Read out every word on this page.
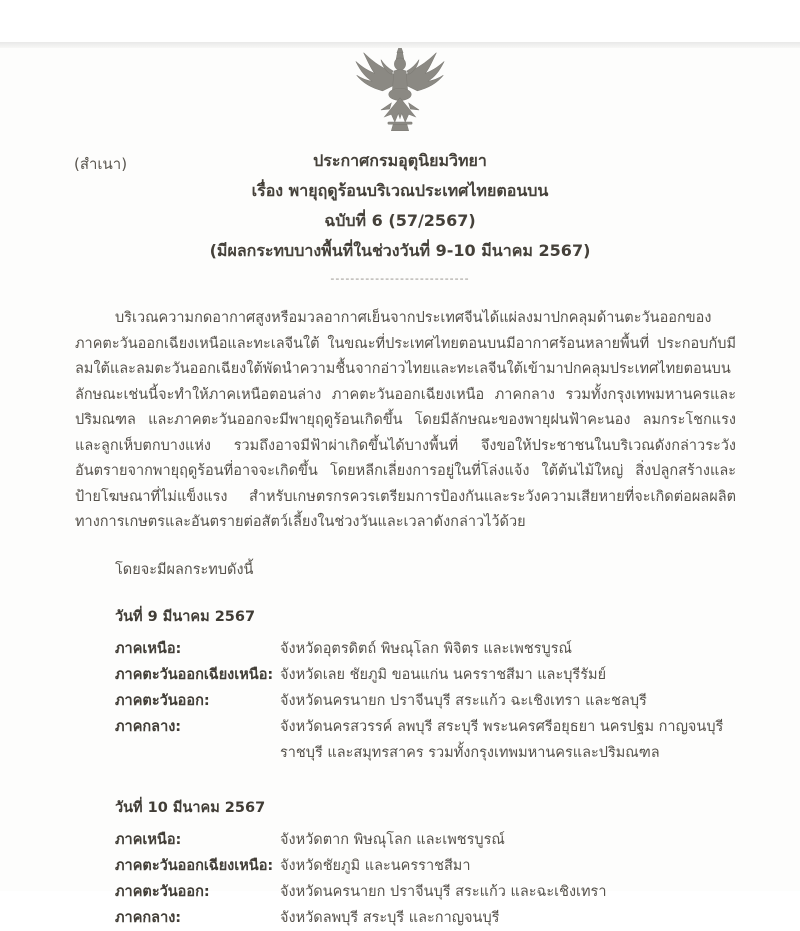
(สำเนา)	ประกาศกรมอุตุนิยมวิทยา
เรื่อง พายุฤดูร้อนบริเวณประเทศไทยตอนบน
ฉบับที่ 6 (57/2567)
(มีผลกระทบบางพื้นที่ในช่วงวันที่ 9-10 มีนาคม 2567)
----------------------------

บริเวณความกดอากาศสูงหรือมวลอากาศเย็นจากประเทศจีนได้แผ่ลงมาปกคลุมด้านตะวันออกของภาคตะวันออกเฉียงเหนือและทะเลจีนใต้ ในขณะที่ประเทศไทยตอนบนมีอากาศร้อนหลายพื้นที่ ประกอบกับมีลมใต้และลมตะวันออกเฉียงใต้พัดนำความชื้นจากอ่าวไทยและทะเลจีนใต้เข้ามาปกคลุมประเทศไทยตอนบน ลักษณะเช่นนี้จะทำให้ภาคเหนือตอนล่าง ภาคตะวันออกเฉียงเหนือ ภาคกลาง รวมทั้งกรุงเทพมหานครและปริมณฑล และภาคตะวันออกจะมีพายุฤดูร้อนเกิดขึ้น โดยมีลักษณะของพายุฝนฟ้าคะนอง ลมกระโชกแรง และลูกเห็บตกบางแห่ง รวมถึงอาจมีฟ้าผ่าเกิดขึ้นได้บางพื้นที่ จึงขอให้ประชาชนในบริเวณดังกล่าวระวังอันตรายจากพายุฤดูร้อนที่อาจจะเกิดขึ้น โดยหลีกเลี่ยงการอยู่ในที่โล่งแจ้ง ใต้ต้นไม้ใหญ่ สิ่งปลูกสร้างและป้ายโฆษณาที่ไม่แข็งแรง สำหรับเกษตรกรควรเตรียมการป้องกันและระวังความเสียหายที่จะเกิดต่อผลผลิตทางการเกษตรและอันตรายต่อสัตว์เลี้ยงในช่วงวันและเวลาดังกล่าวไว้ด้วย

โดยจะมีผลกระทบดังนี้

วันที่ 9 มีนาคม 2567
ภาคเหนือ:	จังหวัดอุตรดิตถ์ พิษณุโลก พิจิตร และเพชรบูรณ์
ภาคตะวันออกเฉียงเหนือ: จังหวัดเลย ชัยภูมิ ขอนแก่น นครราชสีมา และบุรีรัมย์
ภาคตะวันออก:	จังหวัดนครนายก ปราจีนบุรี สระแก้ว ฉะเชิงเทรา และชลบุรี
ภาคกลาง:	จังหวัดนครสวรรค์ ลพบุรี สระบุรี พระนครศรีอยุธยา นครปฐม กาญจนบุรี ราชบุรี และสมุทรสาคร รวมทั้งกรุงเทพมหานครและปริมณฑล
วันที่ 10 มีนาคม 2567
ภาคเหนือ:	จังหวัดตาก พิษณุโลก และเพชรบูรณ์
ภาคตะวันออกเฉียงเหนือ: จังหวัดชัยภูมิ และนครราชสีมา
ภาคตะวันออก:	จังหวัดนครนายก ปราจีนบุรี สระแก้ว และฉะเชิงเทรา
ภาคกลาง:	จังหวัดลพบุรี สระบุรี และกาญจนบุรี
